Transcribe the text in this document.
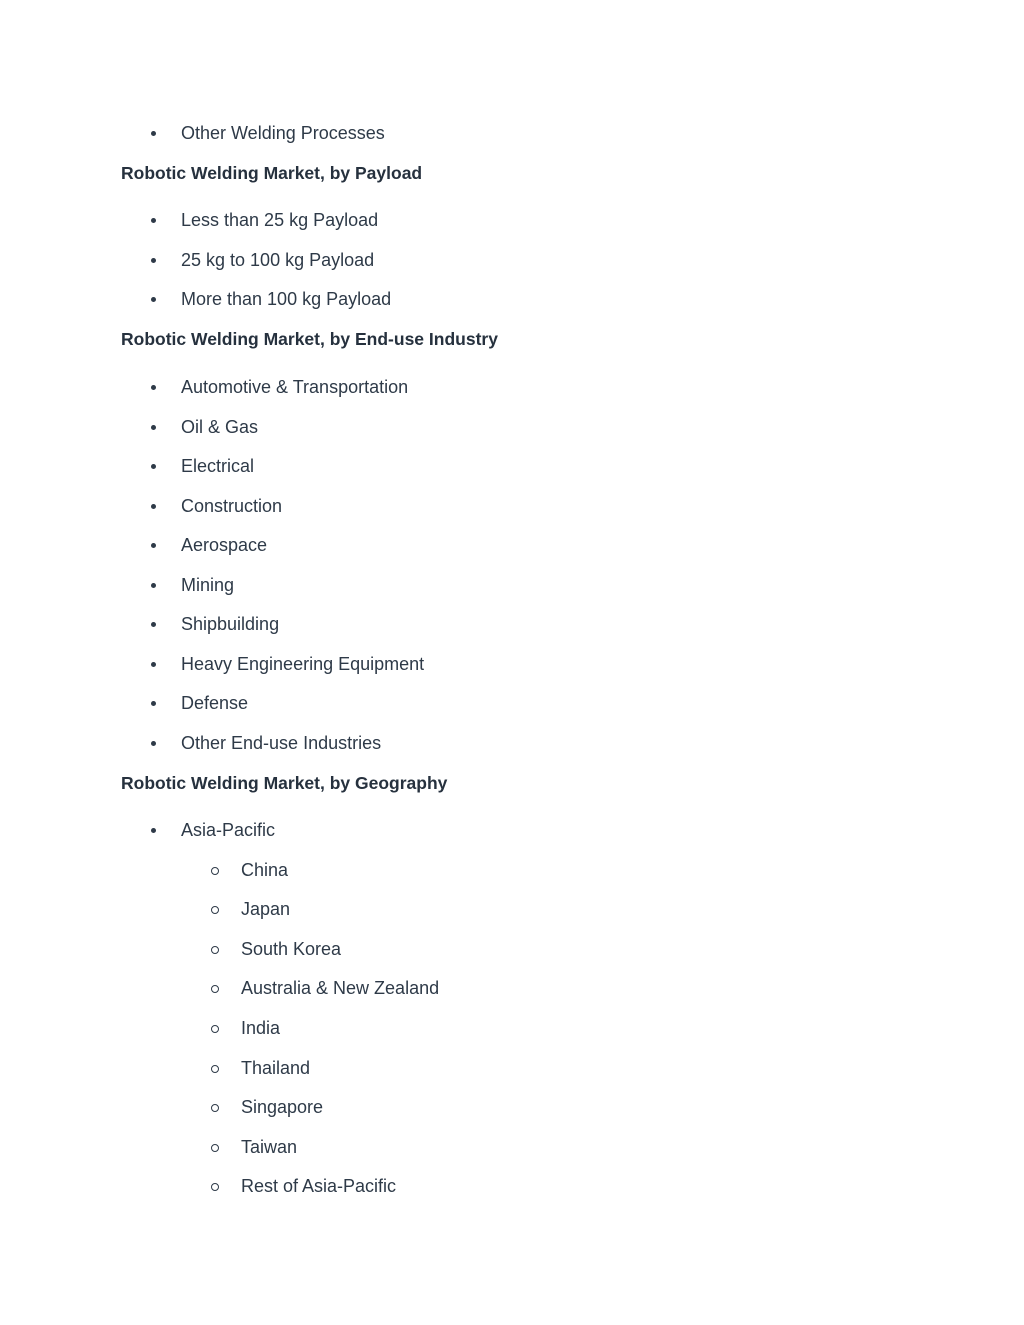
Other Welding Processes
Robotic Welding Market, by Payload
Less than 25 kg Payload
25 kg to 100 kg Payload
More than 100 kg Payload
Robotic Welding Market, by End-use Industry
Automotive & Transportation
Oil & Gas
Electrical
Construction
Aerospace
Mining
Shipbuilding
Heavy Engineering Equipment
Defense
Other End-use Industries
Robotic Welding Market, by Geography
Asia-Pacific
China
Japan
South Korea
Australia & New Zealand
India
Thailand
Singapore
Taiwan
Rest of Asia-Pacific
